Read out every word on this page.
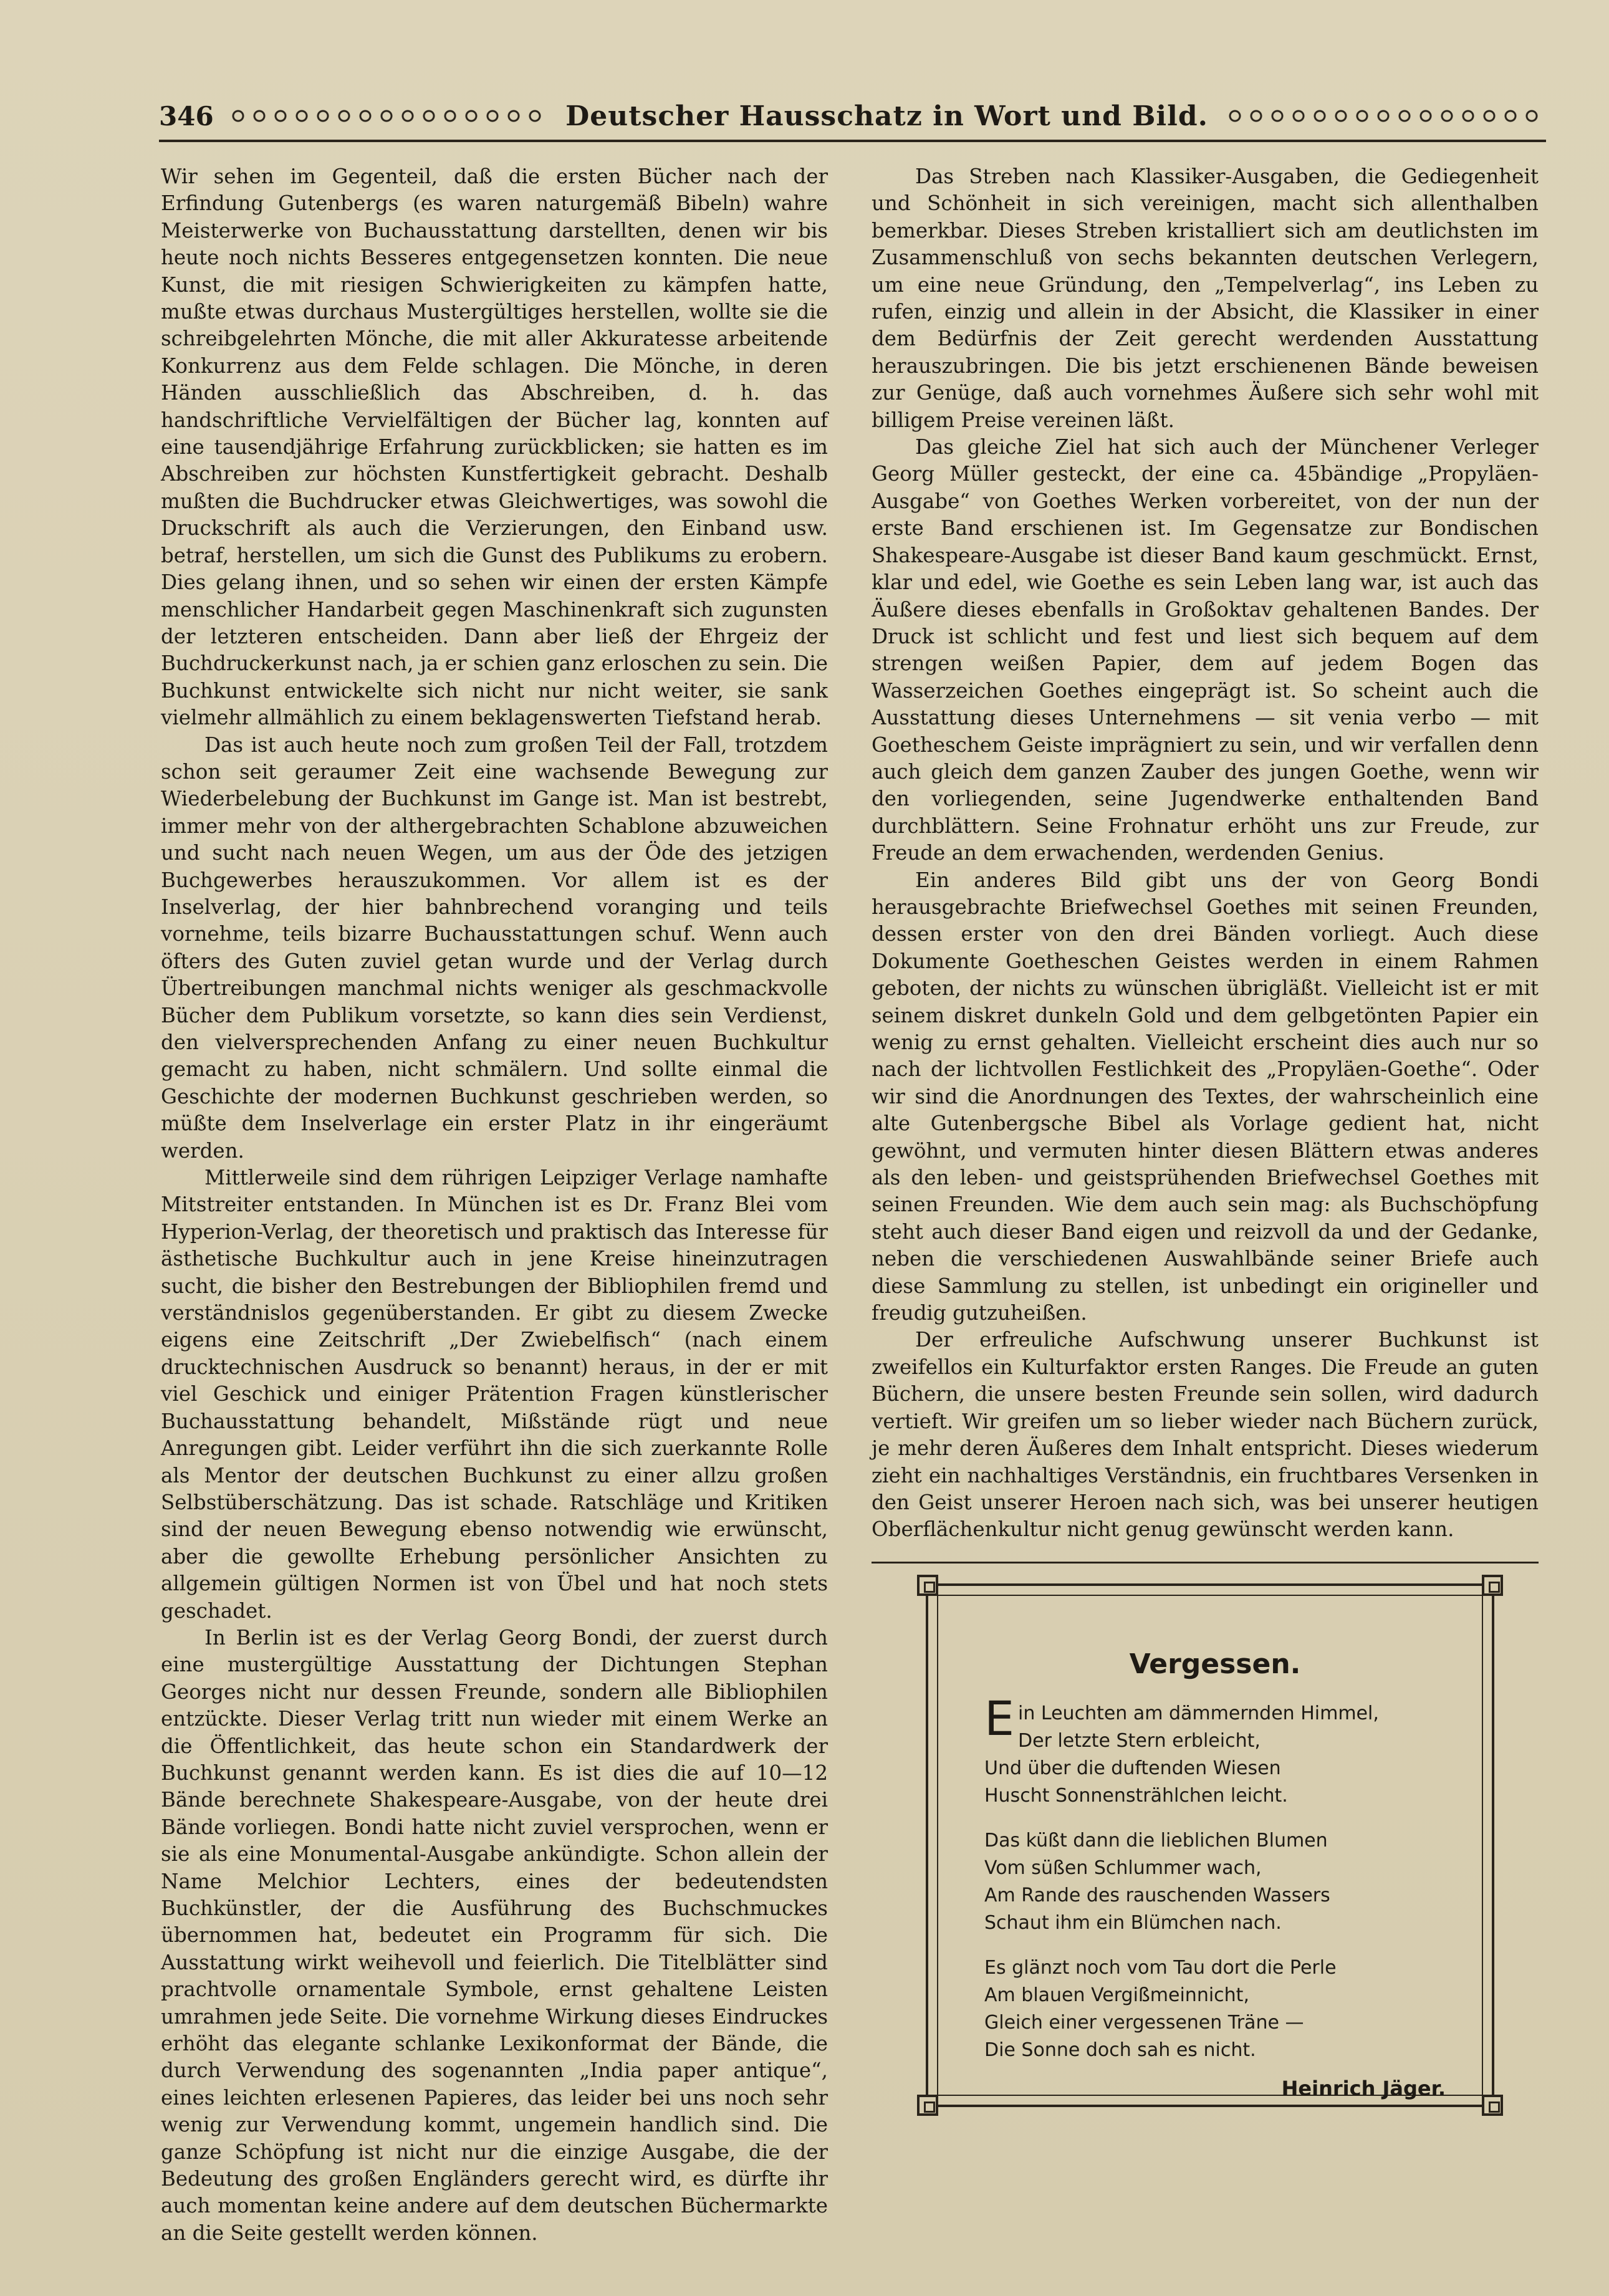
346	Deutscher Hausschatz in Wort und Bild.

Wir sehen im Gegenteil, daß die ersten Bücher nach der Erfindung Gutenbergs (es waren naturgemäß Bibeln) wahre Meisterwerke von Buchausstattung darstellten, denen wir bis heute noch nichts Besseres entgegensetzen konnten. Die neue Kunst, die mit riesigen Schwierigkeiten zu kämpfen hatte, mußte etwas durchaus Mustergültiges herstellen, wollte sie die schreibgelehrten Mönche, die mit aller Akkuratesse arbeitende Konkurrenz aus dem Felde schlagen. Die Mönche, in deren Händen ausschließlich das Abschreiben, d. h. das handschriftliche Vervielfältigen der Bücher lag, konnten auf eine tausendjährige Erfahrung zurückblicken; sie hatten es im Abschreiben zur höchsten Kunstfertigkeit gebracht. Deshalb mußten die Buchdrucker etwas Gleichwertiges, was sowohl die Druckschrift als auch die Verzierungen, den Einband usw. betraf, herstellen, um sich die Gunst des Publikums zu erobern. Dies gelang ihnen, und so sehen wir einen der ersten Kämpfe menschlicher Handarbeit gegen Maschinenkraft sich zugunsten der letzteren entscheiden. Dann aber ließ der Ehrgeiz der Buchdruckerkunst nach, ja er schien ganz erloschen zu sein. Die Buchkunst entwickelte sich nicht nur nicht weiter, sie sank vielmehr allmählich zu einem beklagenswerten Tiefstand herab.

Das ist auch heute noch zum großen Teil der Fall, trotzdem schon seit geraumer Zeit eine wachsende Bewegung zur Wiederbelebung der Buchkunst im Gange ist. Man ist bestrebt, immer mehr von der althergebrachten Schablone abzuweichen und sucht nach neuen Wegen, um aus der Öde des jetzigen Buchgewerbes herauszukommen. Vor allem ist es der Inselverlag, der hier bahnbrechend voranging und teils vornehme, teils bizarre Buchausstattungen schuf. Wenn auch öfters des Guten zuviel getan wurde und der Verlag durch Übertreibungen manchmal nichts weniger als geschmackvolle Bücher dem Publikum vorsetzte, so kann dies sein Verdienst, den vielversprechenden Anfang zu einer neuen Buchkultur gemacht zu haben, nicht schmälern. Und sollte einmal die Geschichte der modernen Buchkunst geschrieben werden, so müßte dem Inselverlage ein erster Platz in ihr eingeräumt werden.

Mittlerweile sind dem rührigen Leipziger Verlage namhafte Mitstreiter entstanden. In München ist es Dr. Franz Blei vom Hyperion-Verlag, der theoretisch und praktisch das Interesse für ästhetische Buchkultur auch in jene Kreise hineinzutragen sucht, die bisher den Bestrebungen der Bibliophilen fremd und verständnislos gegenüberstanden. Er gibt zu diesem Zwecke eigens eine Zeitschrift „Der Zwiebelfisch“ (nach einem drucktechnischen Ausdruck so benannt) heraus, in der er mit viel Geschick und einiger Prätention Fragen künstlerischer Buchausstattung behandelt, Mißstände rügt und neue Anregungen gibt. Leider verführt ihn die sich zuerkannte Rolle als Mentor der deutschen Buchkunst zu einer allzu großen Selbstüberschätzung. Das ist schade. Ratschläge und Kritiken sind der neuen Bewegung ebenso notwendig wie erwünscht, aber die gewollte Erhebung persönlicher Ansichten zu allgemein gültigen Normen ist von Übel und hat noch stets geschadet.

In Berlin ist es der Verlag Georg Bondi, der zuerst durch eine mustergültige Ausstattung der Dichtungen Stephan Georges nicht nur dessen Freunde, sondern alle Bibliophilen entzückte. Dieser Verlag tritt nun wieder mit einem Werke an die Öffentlichkeit, das heute schon ein Standardwerk der Buchkunst genannt werden kann. Es ist dies die auf 10—12 Bände berechnete Shakespeare-Ausgabe, von der heute drei Bände vorliegen. Bondi hatte nicht zuviel versprochen, wenn er sie als eine Monumental-Ausgabe ankündigte. Schon allein der Name Melchior Lechters, eines der bedeutendsten Buchkünstler, der die Ausführung des Buchschmuckes übernommen hat, bedeutet ein Programm für sich. Die Ausstattung wirkt weihevoll und feierlich. Die Titelblätter sind prachtvolle ornamentale Symbole, ernst gehaltene Leisten umrahmen jede Seite. Die vornehme Wirkung dieses Eindruckes erhöht das elegante schlanke Lexikonformat der Bände, die durch Verwendung des sogenannten „India paper antique“, eines leichten erlesenen Papieres, das leider bei uns noch sehr wenig zur Verwendung kommt, ungemein handlich sind. Die ganze Schöpfung ist nicht nur die einzige Ausgabe, die der Bedeutung des großen Engländers gerecht wird, es dürfte ihr auch momentan keine andere auf dem deutschen Büchermarkte an die Seite gestellt werden können.

Das Streben nach Klassiker-Ausgaben, die Gediegenheit und Schönheit in sich vereinigen, macht sich allenthalben bemerkbar. Dieses Streben kristalliert sich am deutlichsten im Zusammenschluß von sechs bekannten deutschen Verlegern, um eine neue Gründung, den „Tempelverlag“, ins Leben zu rufen, einzig und allein in der Absicht, die Klassiker in einer dem Bedürfnis der Zeit gerecht werdenden Ausstattung herauszubringen. Die bis jetzt erschienenen Bände beweisen zur Genüge, daß auch vornehmes Äußere sich sehr wohl mit billigem Preise vereinen läßt.

Das gleiche Ziel hat sich auch der Münchener Verleger Georg Müller gesteckt, der eine ca. 45bändige „Propyläen-Ausgabe“ von Goethes Werken vorbereitet, von der nun der erste Band erschienen ist. Im Gegensatze zur Bondischen Shakespeare-Ausgabe ist dieser Band kaum geschmückt. Ernst, klar und edel, wie Goethe es sein Leben lang war, ist auch das Äußere dieses ebenfalls in Großoktav gehaltenen Bandes. Der Druck ist schlicht und fest und liest sich bequem auf dem strengen weißen Papier, dem auf jedem Bogen das Wasserzeichen Goethes eingeprägt ist. So scheint auch die Ausstattung dieses Unternehmens — sit venia verbo — mit Goetheschem Geiste imprägniert zu sein, und wir verfallen denn auch gleich dem ganzen Zauber des jungen Goethe, wenn wir den vorliegenden, seine Jugendwerke enthaltenden Band durchblättern. Seine Frohnatur erhöht uns zur Freude, zur Freude an dem erwachenden, werdenden Genius.

Ein anderes Bild gibt uns der von Georg Bondi herausgebrachte Briefwechsel Goethes mit seinen Freunden, dessen erster von den drei Bänden vorliegt. Auch diese Dokumente Goetheschen Geistes werden in einem Rahmen geboten, der nichts zu wünschen übrigläßt. Vielleicht ist er mit seinem diskret dunkeln Gold und dem gelbgetönten Papier ein wenig zu ernst gehalten. Vielleicht erscheint dies auch nur so nach der lichtvollen Festlichkeit des „Propyläen-Goethe“. Oder wir sind die Anordnungen des Textes, der wahrscheinlich eine alte Gutenbergsche Bibel als Vorlage gedient hat, nicht gewöhnt, und vermuten hinter diesen Blättern etwas anderes als den leben- und geistsprühenden Briefwechsel Goethes mit seinen Freunden. Wie dem auch sein mag: als Buchschöpfung steht auch dieser Band eigen und reizvoll da und der Gedanke, neben die verschiedenen Auswahlbände seiner Briefe auch diese Sammlung zu stellen, ist unbedingt ein origineller und freudig gutzuheißen.

Der erfreuliche Aufschwung unserer Buchkunst ist zweifellos ein Kulturfaktor ersten Ranges. Die Freude an guten Büchern, die unsere besten Freunde sein sollen, wird dadurch vertieft. Wir greifen um so lieber wieder nach Büchern zurück, je mehr deren Äußeres dem Inhalt entspricht. Dieses wiederum zieht ein nachhaltiges Verständnis, ein fruchtbares Versenken in den Geist unserer Heroen nach sich, was bei unserer heutigen Oberflächenkultur nicht genug gewünscht werden kann.

Vergessen.
Ein Leuchten am dämmernden Himmel,
Der letzte Stern erbleicht,
Und über die duftenden Wiesen
Huscht Sonnenstrählchen leicht.
Das küßt dann die lieblichen Blumen
Vom süßen Schlummer wach,
Am Rande des rauschenden Wassers
Schaut ihm ein Blümchen nach.
Es glänzt noch vom Tau dort die Perle
Am blauen Vergißmeinnicht,
Gleich einer vergessenen Träne —
Die Sonne doch sah es nicht.
Heinrich Jäger.
